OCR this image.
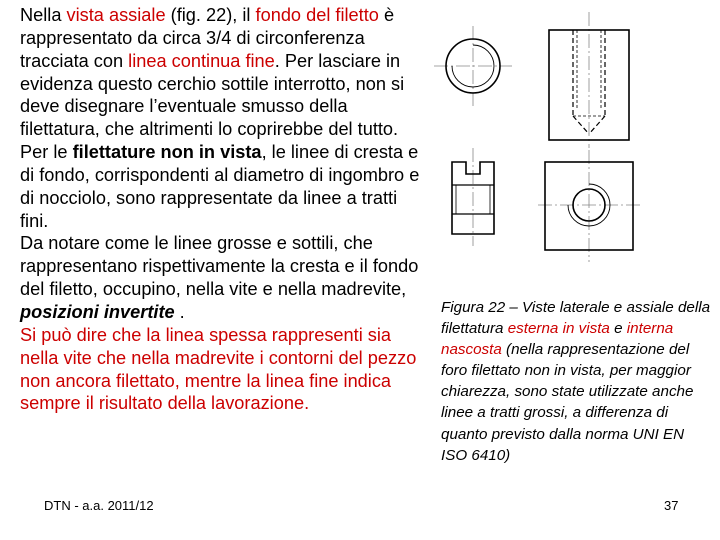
Nella vista assiale (fig. 22), il fondo del filetto è rappresentato da circa 3/4 di circonferenza tracciata con linea continua fine. Per lasciare in evidenza questo cerchio sottile interrotto, non si deve disegnare l’eventuale smusso della filettatura, che altrimenti lo coprirebbe del tutto.
Per le filettature non in vista, le linee di cresta e di fondo, corrispondenti al diametro di ingombro e di nocciolo, sono rappresentate da linee a tratti fini.
Da notare come le linee grosse e sottili, che rappresentano rispettivamente la cresta e il fondo del filetto, occupino, nella vite e nella madrevite, posizioni invertite .
Si può dire che la linea spessa rappresenti sia nella vite che nella madrevite i contorni del pezzo non ancora filettato, mentre la linea fine indica sempre il risultato della lavorazione.

Figura 22 – Viste laterale e assiale della filettatura esterna in vista e interna nascosta (nella rappresentazione del foro filettato non in vista, per maggior chiarezza, sono state utilizzate anche linee a tratti grossi, a differenza di quanto previsto dalla norma UNI EN ISO 6410)

DTN - a.a. 2011/12	37
